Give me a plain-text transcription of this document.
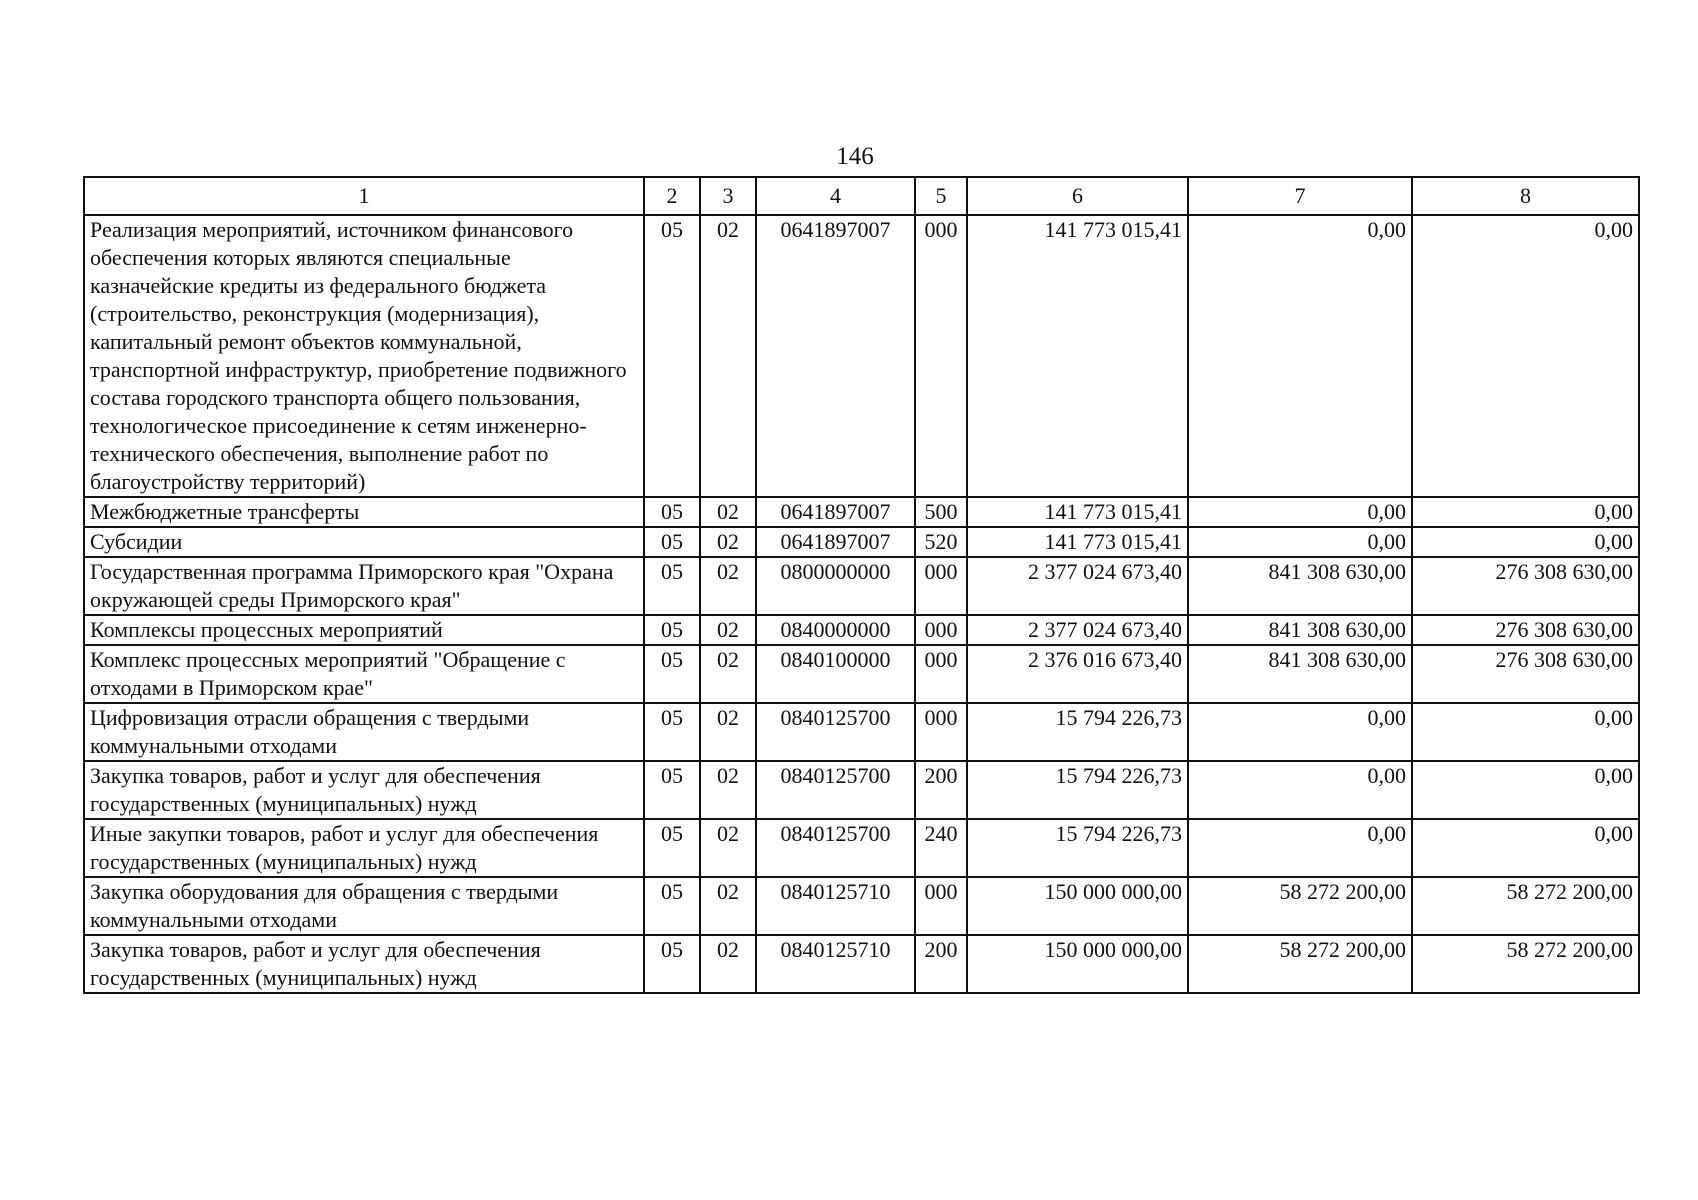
146
1	2	3	4	5	6	7	8
Реализация мероприятий, источником финансового обеспечения которых являются специальные казначейские кредиты из федерального бюджета (строительство, реконструкция (модернизация), капитальный ремонт объектов коммунальной, транспортной инфраструктур, приобретение подвижного состава городского транспорта общего пользования, технологическое присоединение к сетям инженерно-технического обеспечения, выполнение работ по благоустройству территорий)	05	02	0641897007	000	141 773 015,41	0,00	0,00
Межбюджетные трансферты	05	02	0641897007	500	141 773 015,41	0,00	0,00
Субсидии	05	02	0641897007	520	141 773 015,41	0,00	0,00
Государственная программа Приморского края "Охрана окружающей среды Приморского края"	05	02	0800000000	000	2 377 024 673,40	841 308 630,00	276 308 630,00
Комплексы процессных мероприятий	05	02	0840000000	000	2 377 024 673,40	841 308 630,00	276 308 630,00
Комплекс процессных мероприятий "Обращение с отходами в Приморском крае"	05	02	0840100000	000	2 376 016 673,40	841 308 630,00	276 308 630,00
Цифровизация отрасли обращения с твердыми коммунальными отходами	05	02	0840125700	000	15 794 226,73	0,00	0,00
Закупка товаров, работ и услуг для обеспечения государственных (муниципальных) нужд	05	02	0840125700	200	15 794 226,73	0,00	0,00
Иные закупки товаров, работ и услуг для обеспечения государственных (муниципальных) нужд	05	02	0840125700	240	15 794 226,73	0,00	0,00
Закупка оборудования для обращения с твердыми коммунальными отходами	05	02	0840125710	000	150 000 000,00	58 272 200,00	58 272 200,00
Закупка товаров, работ и услуг для обеспечения государственных (муниципальных) нужд	05	02	0840125710	200	150 000 000,00	58 272 200,00	58 272 200,00
